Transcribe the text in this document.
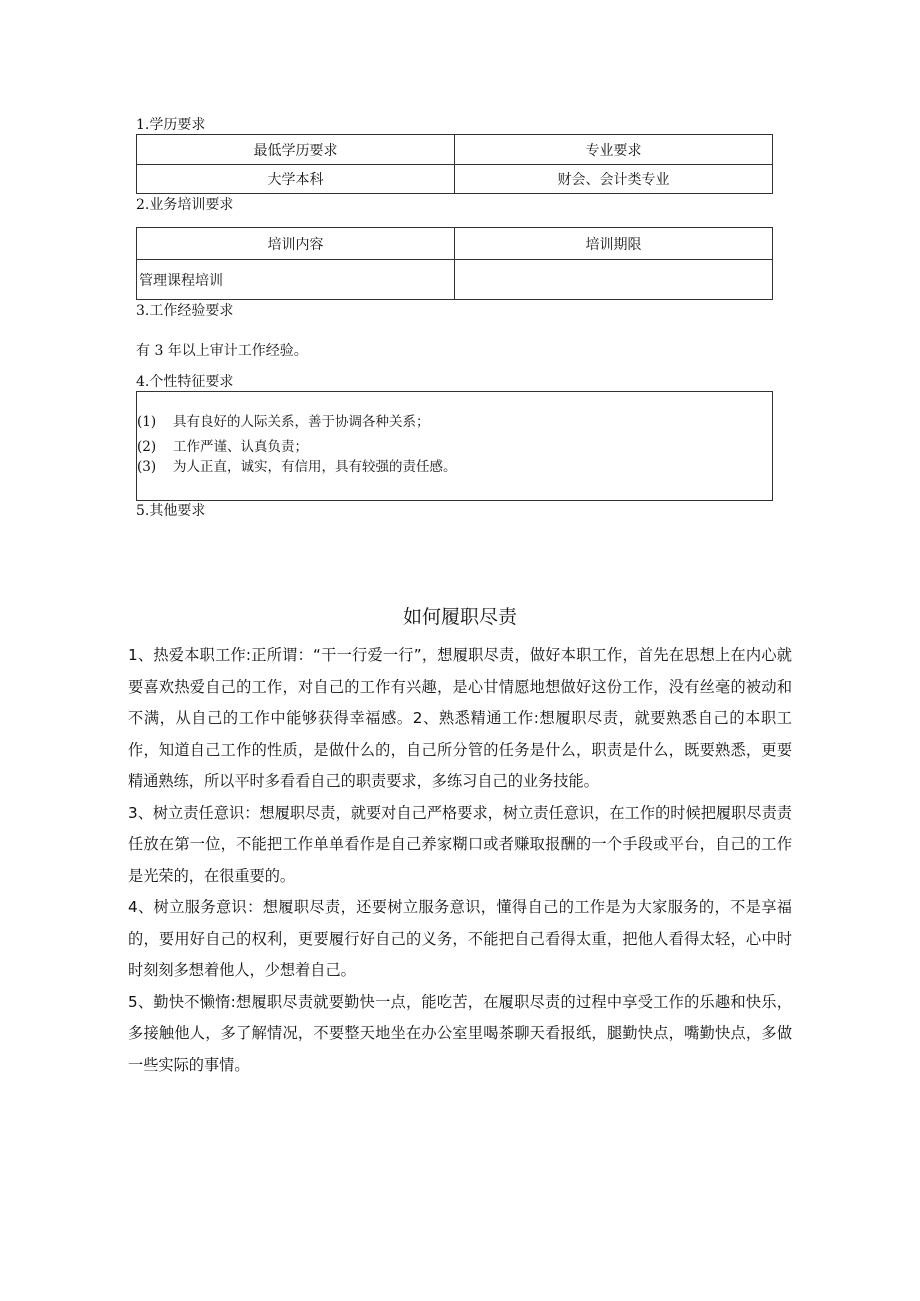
1.学历要求
最低学历要求	专业要求
大学本科	财会、会计类专业
2.业务培训要求
培训内容	培训期限
管理课程培训	
3.工作经验要求
有 3 年以上审计工作经验。
4.个性特征要求
(1) 具有良好的人际关系，善于协调各种关系；
(2) 工作严谨、认真负责；
(3) 为人正直，诚实，有信用，具有较强的责任感。
5.其他要求
如何履职尽责

1、热爱本职工作:正所谓：“干一行爱一行”，想履职尽责，做好本职工作，首先在思想上在内心就要喜欢热爱自己的工作，对自己的工作有兴趣，是心甘情愿地想做好这份工作，没有丝毫的被动和不满，从自己的工作中能够获得幸福感。2、熟悉精通工作:想履职尽责，就要熟悉自己的本职工作，知道自己工作的性质，是做什么的，自己所分管的任务是什么，职责是什么，既要熟悉，更要精通熟练，所以平时多看看自己的职责要求，多练习自己的业务技能。

3、树立责任意识：想履职尽责，就要对自己严格要求，树立责任意识，在工作的时候把履职尽责责任放在第一位，不能把工作单单看作是自己养家糊口或者赚取报酬的一个手段或平台，自己的工作是光荣的，在很重要的。

4、树立服务意识：想履职尽责，还要树立服务意识，懂得自己的工作是为大家服务的，不是享福的，要用好自己的权利，更要履行好自己的义务，不能把自己看得太重，把他人看得太轻，心中时时刻刻多想着他人，少想着自己。

5、勤快不懒惰:想履职尽责就要勤快一点，能吃苦，在履职尽责的过程中享受工作的乐趣和快乐，多接触他人，多了解情况，不要整天地坐在办公室里喝茶聊天看报纸，腿勤快点，嘴勤快点，多做一些实际的事情。
